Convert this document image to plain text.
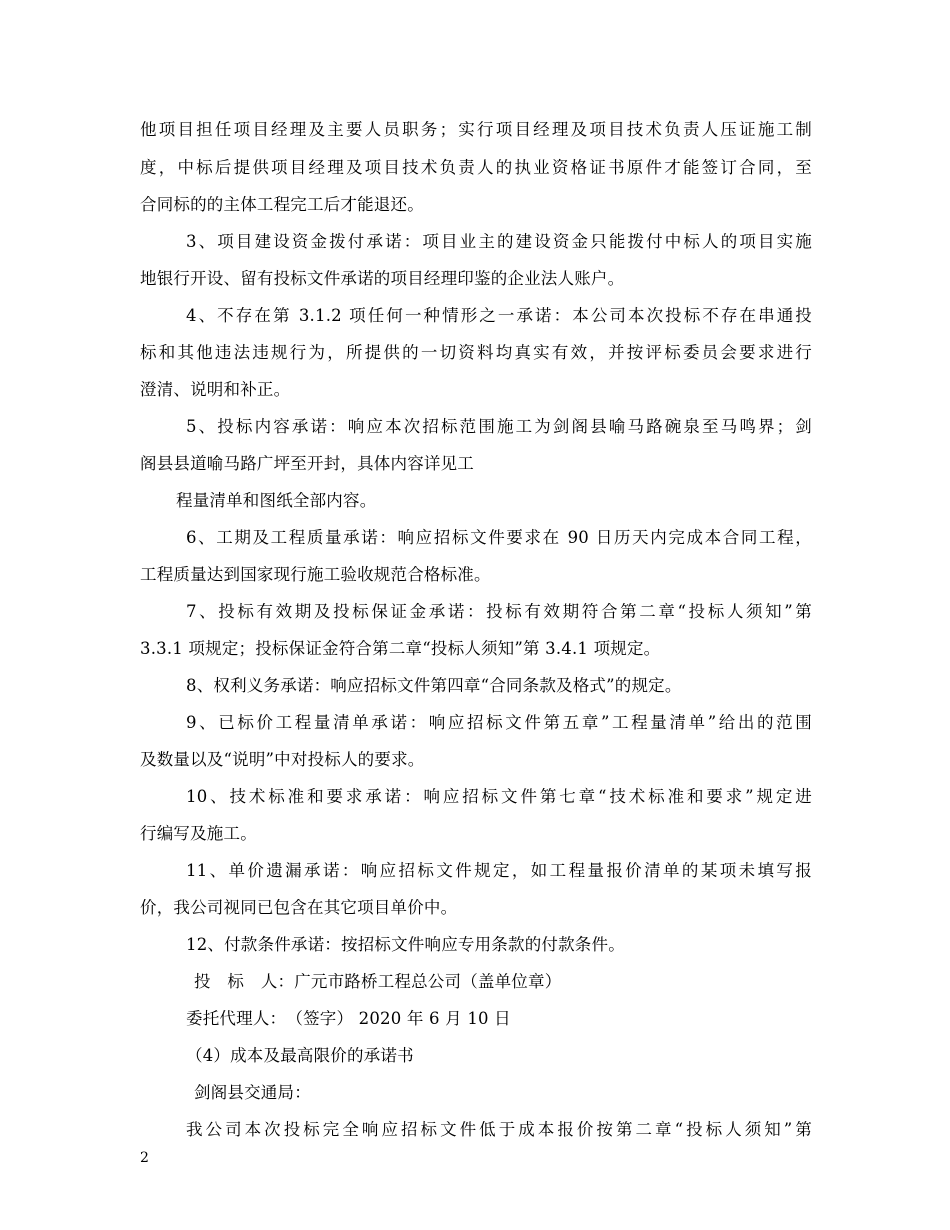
他项目担任项目经理及主要人员职务；实行项目经理及项目技术负责人压证施工制
度，中标后提供项目经理及项目技术负责人的执业资格证书原件才能签订合同，至
合同标的的主体工程完工后才能退还。
3、项目建设资金拨付承诺：项目业主的建设资金只能拨付中标人的项目实施
地银行开设、留有投标文件承诺的项目经理印鉴的企业法人账户。
4、不存在第 3.1.2 项任何一种情形之一承诺：本公司本次投标不存在串通投
标和其他违法违规行为，所提供的一切资料均真实有效，并按评标委员会要求进行
澄清、说明和补正。
5、投标内容承诺：响应本次招标范围施工为剑阁县喻马路碗泉至马鸣界；剑
阁县县道喻马路广坪至开封，具体内容详见工
程量清单和图纸全部内容。
6、工期及工程质量承诺：响应招标文件要求在 90 日历天内完成本合同工程，
工程质量达到国家现行施工验收规范合格标准。
7、投标有效期及投标保证金承诺：投标有效期符合第二章“投标人须知”第
3.3.1 项规定；投标保证金符合第二章“投标人须知”第 3.4.1 项规定。
8、权利义务承诺：响应招标文件第四章“合同条款及格式”的规定。
9、已标价工程量清单承诺：响应招标文件第五章”工程量清单”给出的范围
及数量以及“说明”中对投标人的要求。
10、技术标准和要求承诺：响应招标文件第七章“技术标准和要求”规定进
行编写及施工。
11、单价遗漏承诺：响应招标文件规定，如工程量报价清单的某项未填写报
价，我公司视同已包含在其它项目单价中。
12、付款条件承诺：按招标文件响应专用条款的付款条件。
投　标　人：广元市路桥工程总公司（盖单位章）
委托代理人：　（签字） 2020 年 6 月 10 日
（4）成本及最高限价的承诺书
剑阁县交通局：
我公司本次投标完全响应招标文件低于成本报价按第二章“投标人须知”第
2
